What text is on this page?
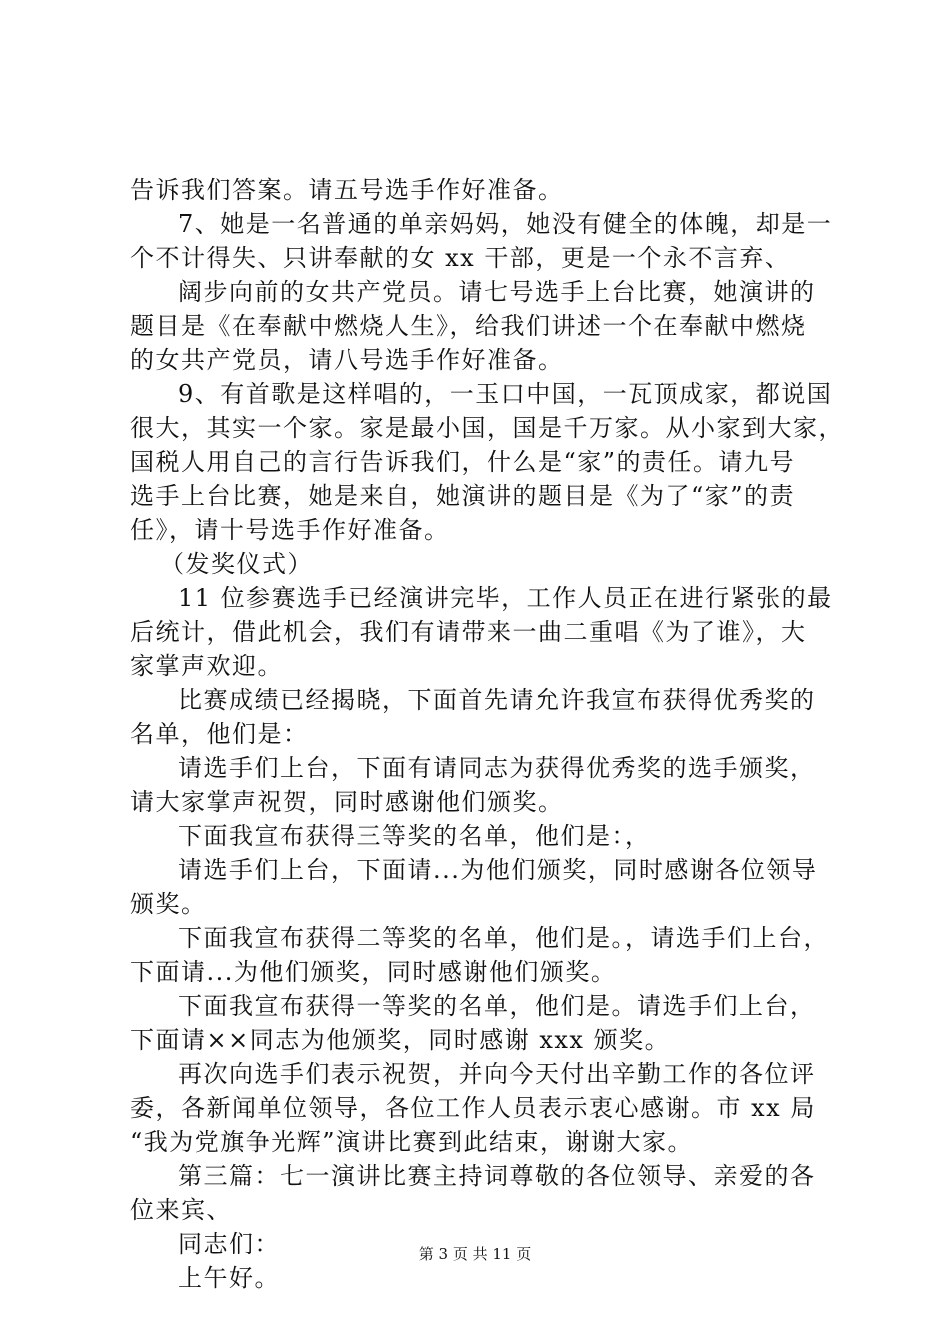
告诉我们答案。请五号选手作好准备。
7、她是一名普通的单亲妈妈，她没有健全的体魄，却是一
个不计得失、只讲奉献的女 xx 干部，更是一个永不言弃、
阔步向前的女共产党员。请七号选手上台比赛，她演讲的
题目是《在奉献中燃烧人生》，给我们讲述一个在奉献中燃烧
的女共产党员，请八号选手作好准备。
9、有首歌是这样唱的，一玉口中国，一瓦顶成家，都说国
很大，其实一个家。家是最小国，国是千万家。从小家到大家，
国税人用自己的言行告诉我们，什么是“家”的责任。请九号
选手上台比赛，她是来自，她演讲的题目是《为了“家”的责
任》，请十号选手作好准备。
（发奖仪式）
11 位参赛选手已经演讲完毕，工作人员正在进行紧张的最
后统计，借此机会，我们有请带来一曲二重唱《为了谁》，大
家掌声欢迎。
比赛成绩已经揭晓，下面首先请允许我宣布获得优秀奖的
名单，他们是：
请选手们上台，下面有请同志为获得优秀奖的选手颁奖，
请大家掌声祝贺，同时感谢他们颁奖。
下面我宣布获得三等奖的名单，他们是：，
请选手们上台，下面请...为他们颁奖，同时感谢各位领导
颁奖。
下面我宣布获得二等奖的名单，他们是。，请选手们上台，
下面请...为他们颁奖，同时感谢他们颁奖。
下面我宣布获得一等奖的名单，他们是。请选手们上台，
下面请××同志为他颁奖，同时感谢 xxx 颁奖。
再次向选手们表示祝贺，并向今天付出辛勤工作的各位评
委，各新闻单位领导，各位工作人员表示衷心感谢。市 xx 局
“我为党旗争光辉”演讲比赛到此结束，谢谢大家。
第三篇：七一演讲比赛主持词尊敬的各位领导、亲爱的各
位来宾、
同志们：
上午好。
第 3 页 共 11 页
